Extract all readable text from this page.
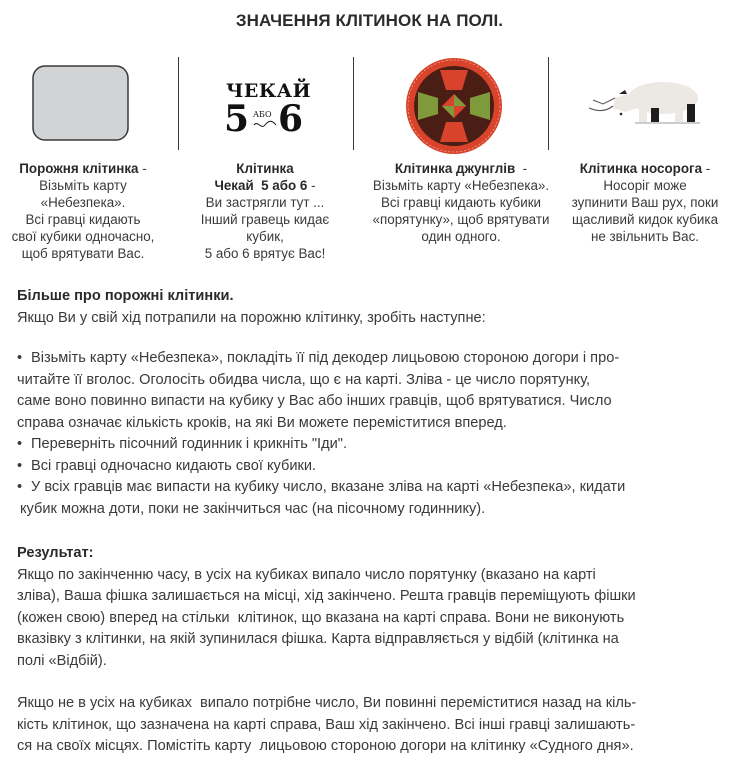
ЗНАЧЕННЯ КЛІТИНОК НА ПОЛІ.
ЧЕКАЙ
5 АБО 6
Порожня клітинка -
Візьміть карту
«Небезпека».
Всі гравці кидають
свої кубики одночасно,
щоб врятувати Вас.
Клітинка
Чекай  5 або 6 -
Ви застрягли тут ...
Інший гравець кидає
кубик,
5 або 6 врятує Вас!
Клітинка джунглів  -
Візьміть карту «Небезпека».
Всі гравці кидають кубики
«порятунку», щоб врятувати
один одного.
Клітинка носорога -
Носоріг може
зупинити Ваш рух, поки
щасливий кидок кубика
не звільнить Вас.
Більше про порожні клітинки.
Якщо Ви у свій хід потрапили на порожню клітинку, зробіть наступне:
• Візьміть карту «Небезпека», покладіть її під декодер лицьовою стороною догори і про-
читайте її вголос. Оголосіть обидва числа, що є на карті. Зліва - це число порятунку,
саме воно повинно випасти на кубику у Вас або інших гравців, щоб врятуватися. Число
справа означає кількість кроків, на які Ви можете переміститися вперед.
• Переверніть пісочний годинник і крикніть "Іди".
• Всі гравці одночасно кидають свої кубики.
• У всіх гравців має випасти на кубику число, вказане зліва на карті «Небезпека», кидати
кубик можна доти, поки не закінчиться час (на пісочному годиннику).
Результат:
Якщо по закінченню часу, в усіх на кубиках випало число порятунку (вказано на карті
зліва), Ваша фішка залишається на місці, хід закінчено. Решта гравців переміщують фішки
(кожен свою) вперед на стільки  клітинок, що вказана на карті справа. Вони не виконують
вказівку з клітинки, на якій зупинилася фішка. Карта відправляється у відбій (клітинка на
полі «Відбій).
Якщо не в усіх на кубиках  випало потрібне число, Ви повинні переміститися назад на кіль-
кість клітинок, що зазначена на карті справа, Ваш хід закінчено. Всі інші гравці залишають-
ся на своїх місцях. Помістіть карту  лицьовою стороною догори на клітинку «Судного дня».
